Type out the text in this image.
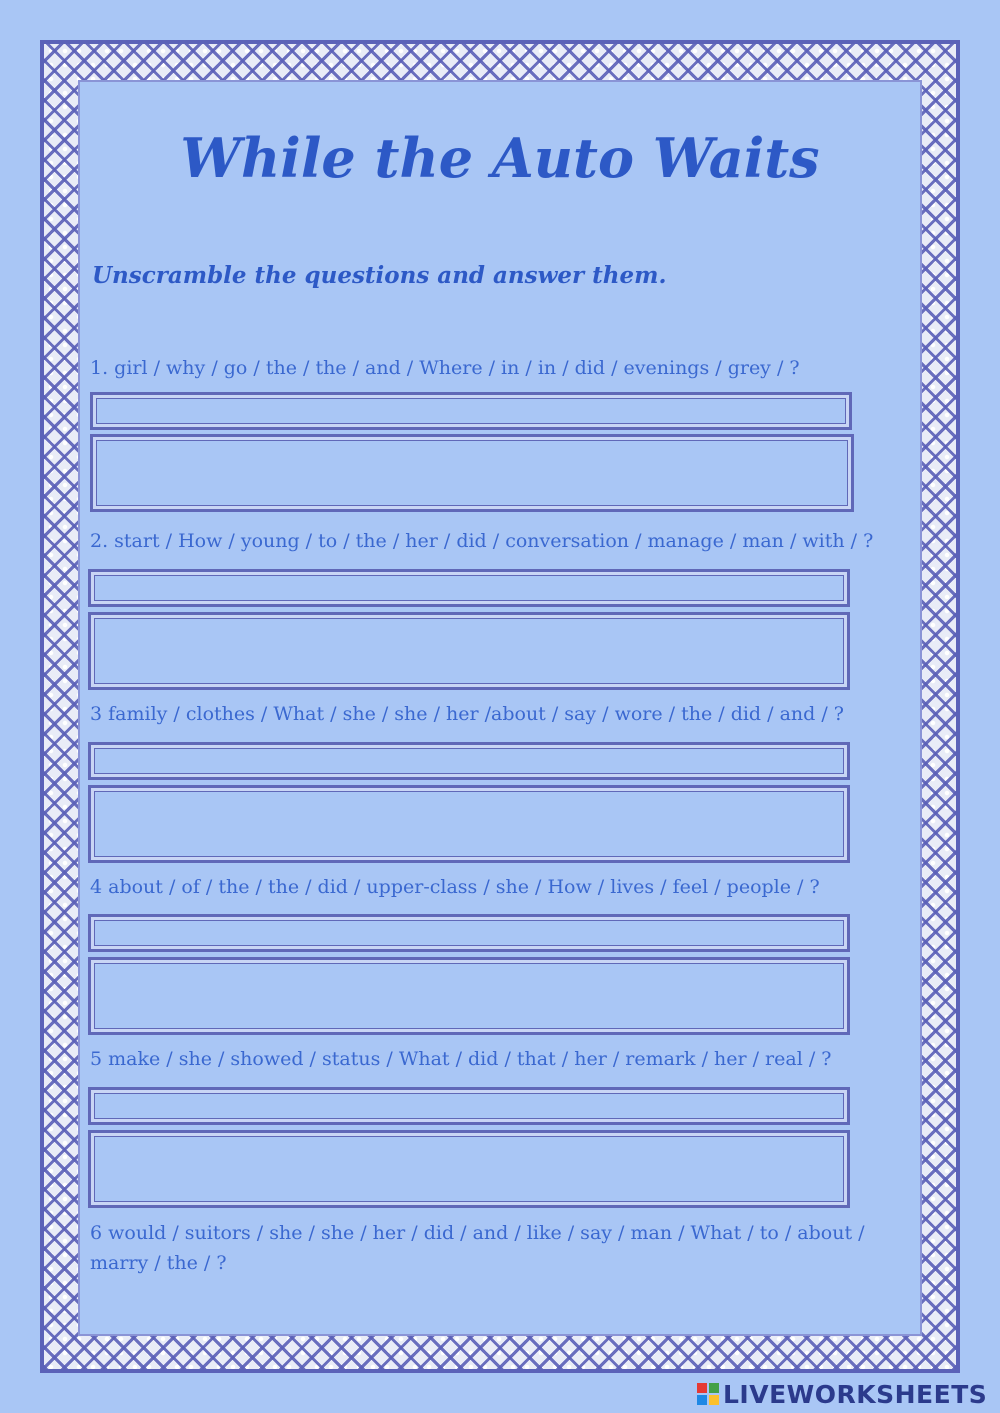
While the Auto Waits

Unscramble the questions and answer them.

1. girl / why / go / the / the / and / Where / in / in / did / evenings / grey / ?

2. start / How / young / to / the / her / did / conversation / manage / man / with / ?

3 family / clothes / What / she / she / her /about / say / wore / the / did / and / ?

4 about / of / the / the / did / upper-class / she / How / lives / feel / people / ?

5 make / she / showed / status / What / did / that / her / remark / her / real / ?

6 would / suitors / she / she / her / did / and / like / say / man / What / to / about / marry / the / ?

LIVEWORKSHEETS
